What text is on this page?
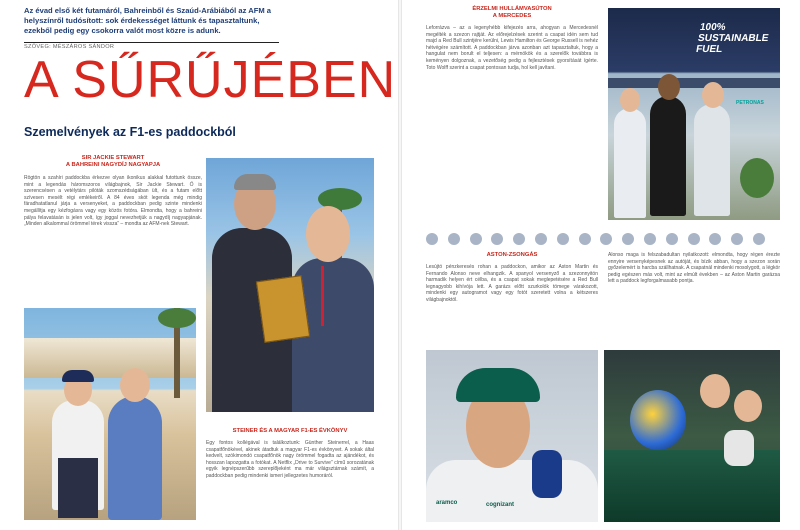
Az évad első két futamáról, Bahreinből és Szaúd-Arábiából az AFM a helyszínről tudósított: sok érdekességet láttunk és tapasztaltunk, ezekből pedig egy csokorra valót most közre is adunk.
SZÖVEG: MÉSZÁROS SÁNDOR
A SŰRŰJÉBEN
Szemelvények az F1-es paddockból
SIR JACKIE STEWART
A BAHREINI NAGYDÍJ NAGYAPJA
Rögtön a szahíri paddockba érkezve olyan ikonikus alakkal futottunk össze, mint a legendás háromszoros világbajnok, Sir Jackie Stewart. Ő is szerencsésen a vetélytárs pilóták szomszédságában ült, és a futam előtt szívesen mesélt régi emlékeiről. A 84 éves skót legenda még mindig fáradhatatlanul járja a versenyeket, a paddockban pedig szinte mindenki megállítja egy kézfogásra vagy egy közös fotóra. Elmondta, hogy a bahreini pálya felavatásán is jelen volt, így joggal nevezhetjük a nagydíj nagyapjának. „Minden alkalommal örömmel térek vissza” – mondta az AFM-nek Stewart.
STEINER ÉS A MAGYAR F1-ES ÉVKÖNYV
Egy fontos kollégával is találkoztunk: Günther Steinerrel, a Haas csapatfőnökével, akinek átadtuk a magyar F1-es évkönyvet. A sokak által kedvelt, szókimondó csapatfőnök nagy örömmel fogadta az ajándékot, és hosszan lapozgatta a fotókat. A Netflix „Drive to Survive” című sorozatának egyik legnépszerűbb szereplőjeként ma már világsztárnak számít, a paddockban pedig mindenki ismeri jellegzetes humoráról.
ÉRZELMI HULLÁMVASÚTON
A MERCEDES
Leforrázva – az a legenyhébb kifejezés arra, ahogyan a Mercedesnél megélték a szezon rajtját. Az előrejelzések szerint a csapat idén sem tud majd a Red Bull szintjére kerülni, Lewis Hamilton és George Russell is nehéz hétvégére számított. A paddockban járva azonban azt tapasztaltuk, hogy a hangulat nem borult el teljesen: a mérnökök és a szerelők továbbra is keményen dolgoznak, a vezetőség pedig a fejlesztések gyorsítását ígérte. Toto Wolff szerint a csapat pontosan tudja, hol kell javítani.
100% SUSTAINABLE FUEL
PETRONAS
ASTON-ZSONGÁS
Lesújtó pénzkeresés rohan a paddockon, amikor az Aston Martin és Fernando Alonso neve elhangzik. A spanyol versenyző a szezonnyitón harmadik helyen ért célba, és a csapat sokak meglepetésére a Red Bull legnagyobb kihívója lett. A garázs előtt szurkolók tömege várakozott, mindenki egy autogramot vagy egy fotót szeretett volna a kétszeres világbajnoktól.
Alonso maga is felszabadultan nyilatkozott: elmondta, hogy régen érezte ennyire versenyképesnek az autóját, és bízik abban, hogy a szezon során győzelemért is harcba szállhatnak. A csapatnál mindenki mosolygott, a légkör pedig egészen más volt, mint az elmúlt években – az Aston Martin garázsa lett a paddock legforgalmasabb pontja.
cognizant
aramco
